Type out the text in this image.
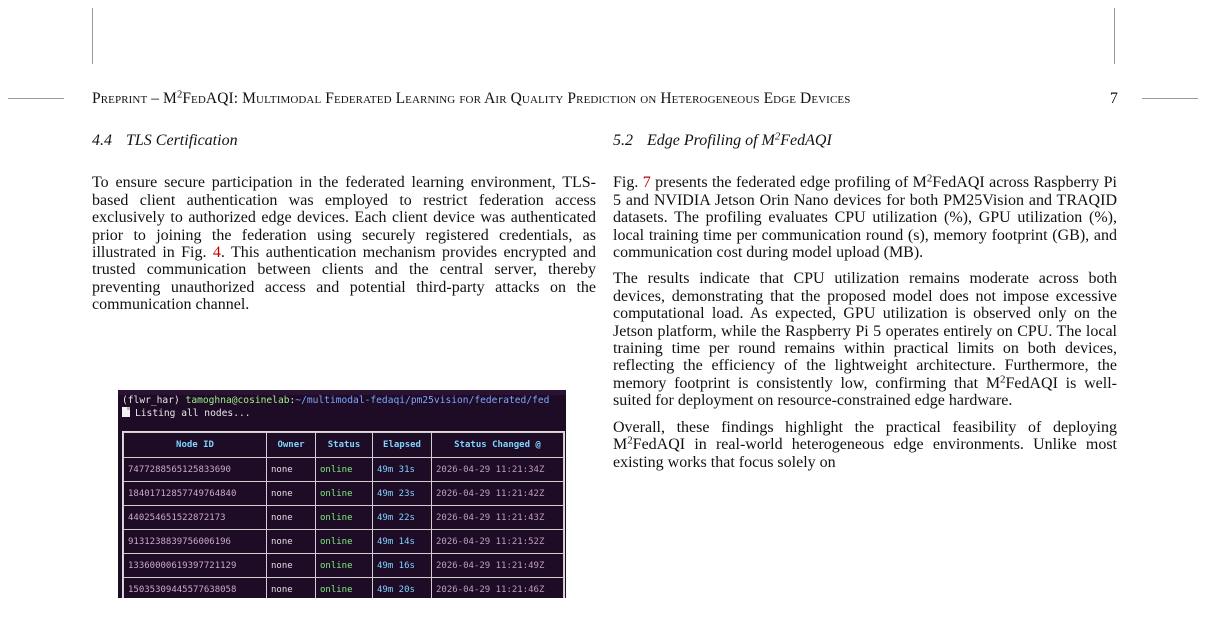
Preprint – $M^2FedAQI$: Multimodal Federated Learning for Air Quality Prediction on Heterogeneous Edge Devices	7
4.4 TLS Certification

To ensure secure participation in the federated learning environment, TLS-based client authentication was employed to restrict federation access exclusively to authorized edge devices. Each client device was authenticated prior to joining the federation using securely registered credentials, as illustrated in Fig. 4. This authentication mechanism provides encrypted and trusted communication between clients and the central server, thereby preventing unauthorized access and potential third-party attacks on the communication channel.

5.2 Edge Profiling of $M^2FedAQI$

Fig. 7 presents the federated edge profiling of $M^2FedAQI$ across Raspberry Pi 5 and NVIDIA Jetson Orin Nano devices for both PM25Vision and TRAQID datasets. The profiling evaluates CPU utilization (%), GPU utilization (%), local training time per communication round (s), memory footprint (GB), and communication cost during model upload (MB).

The results indicate that CPU utilization remains moderate across both devices, demonstrating that the proposed model does not impose excessive computational load. As expected, GPU utilization is observed only on the Jetson platform, while the Raspberry Pi 5 operates entirely on CPU. The local training time per round remains within practical limits on both devices, reflecting the efficiency of the lightweight architecture. Furthermore, the memory footprint is consistently low, confirming that $M^2FedAQI$ is well-suited for deployment on resource-constrained edge hardware.

Overall, these findings highlight the practical feasibility of deploying $M^2FedAQI$ in real-world heterogeneous edge environments. Unlike most existing works that focus solely on

(flwr_har) tamoghna@cosinelab:~/multimodal-fedaqi/pm25vision/federated/fed
Listing all nodes...
Node ID	Owner	Status	Elapsed	Status Changed @
7477288565125833690	none	online	49m 31s	2026-04-29 11:21:34Z
18401712857749764840	none	online	49m 23s	2026-04-29 11:21:42Z
440254651522872173	none	online	49m 22s	2026-04-29 11:21:43Z
9131238839756006196	none	online	49m 14s	2026-04-29 11:21:52Z
13360000619397721129	none	online	49m 16s	2026-04-29 11:21:49Z
15035309445577638058	none	online	49m 20s	2026-04-29 11:21:46Z
